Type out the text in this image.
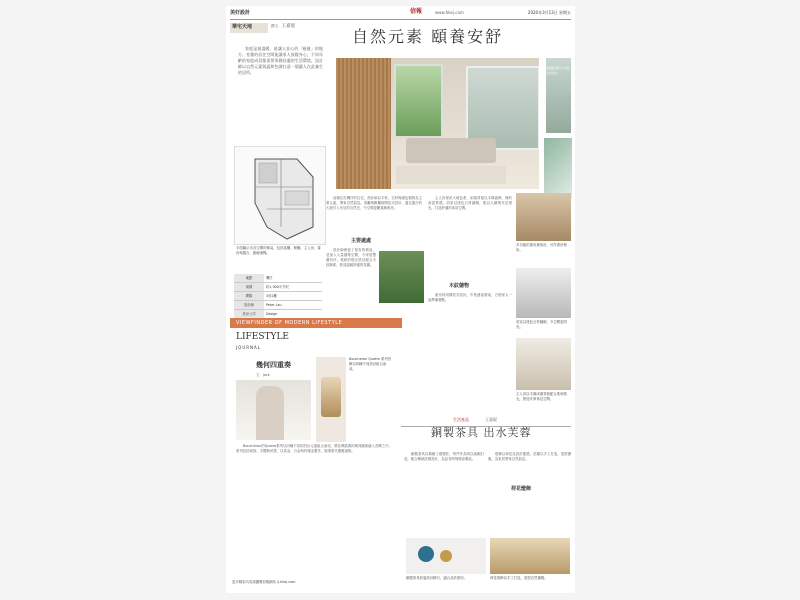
美好設計	信報	www.hkej.com	2020年3月13日 星期五
華宅天地	撰文：王嘉琨
自然元素 頤養安舒

家庭是最溫暖、最讓人安心的「避風」的地方。室雅的居住空間能讓家人放鬆身心，不同年齡的家庭成員都需要寧靜舒適的生活環境，設計師以自然元素與溫和色調打造一個讓人在此養生的居所。

平面圖示出各空間的佈局，包括客廳、飯廳、主人房、書房與露台，動線流暢。
地點	灣仔
面積	約1,300平方呎
間隔	3房2廳
設計師	Peter Lau
設計公司	Design
木飾面牆身配合大窗，引入自然光。

這個位於灣仔的住宅，設計師以木材、石材與綠色植物為主要元素，帶來自然氣息。客廳與飯廳採開放式設計，通往露台的大窗引入充足的自然光，令空間更顯寬敞明亮。

主要處處

設計師保留了原有的格局，並加入大量儲物空間，令家居整潔有序。柔和的燈光設計配合木紋飾面，營造溫暖舒適的氛圍。

主人房採用大地色系，床頭背板以木條裝飾，簡約而富質感。浴室以淺色石材鋪砌，配以大鏡與充足燈光，打造舒適的沐浴空間。

木紋儲物

廚房採用開放式設計，中島連接餐桌，方便家人一起準備餐點。

多功能的書房兼客房，可作書房使用。
浴室以淺色石材鋪砌，令空間更明亮。
主人房以木條床頭背板配合柔和燈光，營造安寧休息空間。
VIEWFINDER OF MODERN LIFESTYLE
LIFESTYLE
JOURNAL
幾何四重奏
文：Jack
Boucheron Quatre 系列首飾以四種不同設計組合而成。

Boucheron的Quatre系列以四種不同的設計元素組合而成，將品牌經典的幾何圖案融入首飾之中。系列包括戒指、手鐲與吊墜，以黃金、白金與玫瑰金製作，展現現代優雅風格。

更多精彩內容請瀏覽信報網站 lj.hkej.com
生活產品	王嘉琨
銅製茶具 出水芙蓉

銅製茶具以精緻工藝製作，每件作品均以純銅打造，配合傳統紋樣設計，為品茗時刻增添雅致。

荷花燈飾

燈飾以荷花為設計靈感，花瓣以手工打造，造型優雅，為家居帶來自然氣息。

銅製茶具套裝設計精巧，適合品茗使用。	荷花燈飾以手工打造，造型自然優雅。
